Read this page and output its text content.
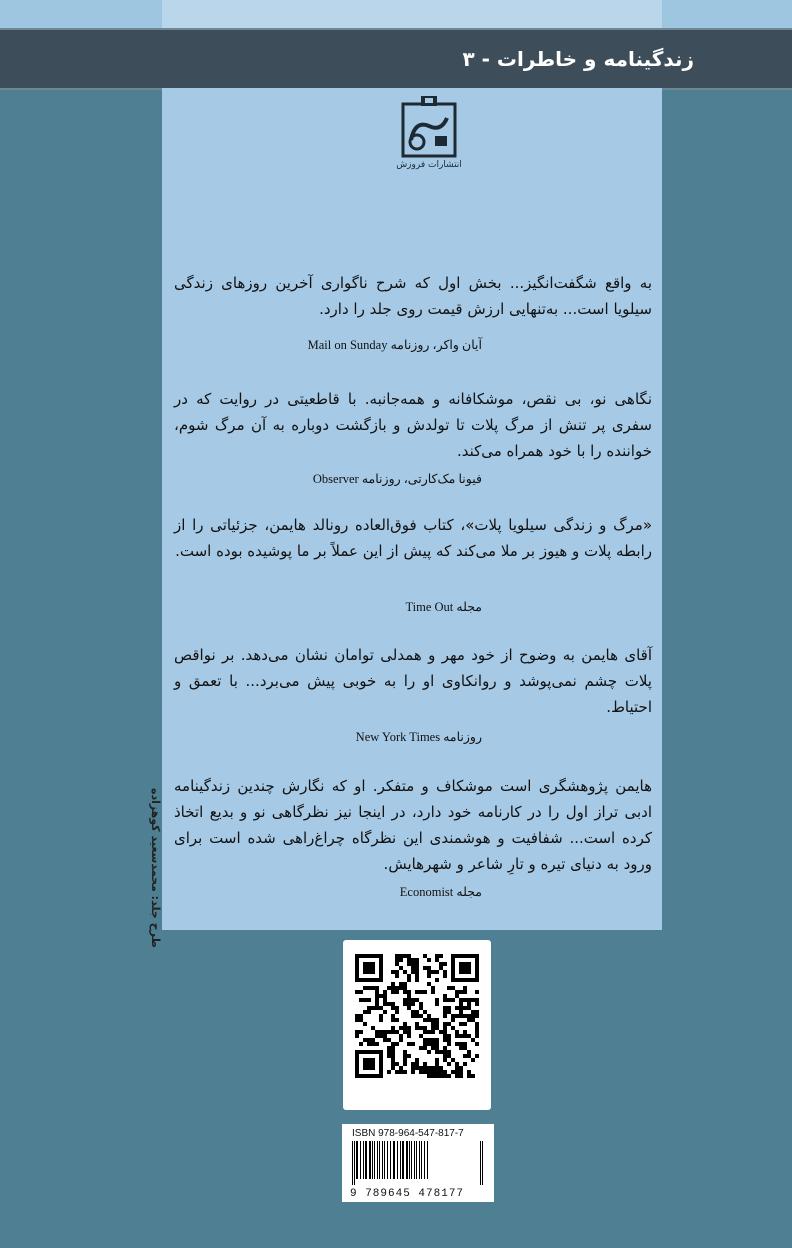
زندگینامه و خاطرات - ۳
انتشارات فروزش
به واقع شگفت‌انگیز... بخش اول که شرح ناگواری آخرین روزهای زندگی سیلویا است... به‌تنهایی ارزش قیمت روی جلد را دارد.
آیان واکر، روزنامه Mail on Sunday
نگاهی نو، بی نقص، موشکافانه و همه‌جانبه. با قاطعیتی در روایت که در سفری پر تنش از مرگ پلات تا تولدش و بازگشت دوباره به آن مرگ شوم، خواننده را با خود همراه می‌کند.
فیونا مک‌کارتی، روزنامه Observer
«مرگ و زندگی سیلویا پلات»، کتاب فوق‌العاده رونالد هایمن، جزئیاتی را از رابطه پلات و هیوز بر ملا می‌کند که پیش از این عملاً بر ما پوشیده بوده است.
مجله Time Out
آقای هایمن به وضوح از خود مهر و همدلی توامان نشان می‌دهد. بر نواقص پلات چشم نمی‌پوشد و روانکاوی او را به خوبی پیش می‌برد... با تعمق و احتیاط.
روزنامه New York Times
هایمن پژوهشگری است موشکاف و متفکر. او که نگارش چندین زندگینامه ادبی تراز اول را در کارنامه خود دارد، در اینجا نیز نظرگاهی نو و بدیع اتخاذ کرده است... شفافیت و هوشمندی این نظرگاه چراغ‌راهی شده است برای ورود به دنیای تیره و تارِ شاعر و شهرهایش.
مجله Economist
طرح جلد: محمدسعید کوهزاده
ISBN 978-964-547-817-7
9 789645 478177
